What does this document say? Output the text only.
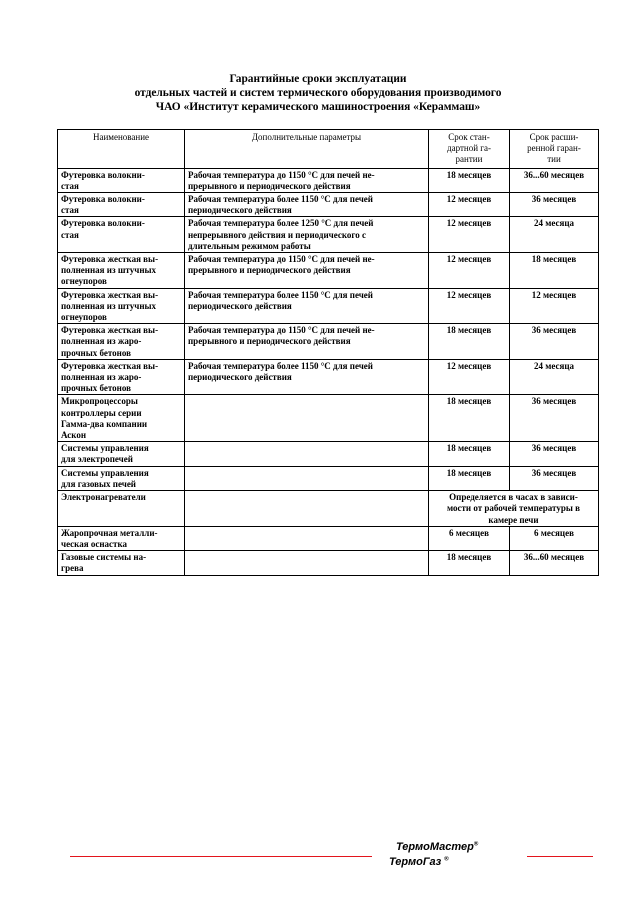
Гарантийные сроки эксплуатации
отдельных частей и систем термического оборудования производимого
ЧАО «Институт керамического машиностроения «Кераммаш»
Наименование	Дополнительные параметры	Срок стан-
дартной га-
рантии	Срок расши-
ренной гаран-
тии
Футеровка волокни-
стая	Рабочая температура до 1150 °С для печей не-
прерывного и периодического действия	18 месяцев	36...60 месяцев
Футеровка волокни-
стая	Рабочая температура более 1150 °С для печей
периодического действия	12 месяцев	36 месяцев
Футеровка волокни-
стая	Рабочая температура более 1250 °С для печей
непрерывного действия и периодического с
длительным режимом работы	12 месяцев	24 месяца
Футеровка жесткая вы-
полненная из штучных
огнеупоров	Рабочая температура до 1150 °С для печей не-
прерывного и периодического действия	12 месяцев	18 месяцев
Футеровка жесткая вы-
полненная из штучных
огнеупоров	Рабочая температура более 1150 °С для печей
периодического действия	12 месяцев	12 месяцев
Футеровка жесткая вы-
полненная из жаро-
прочных бетонов	Рабочая температура до 1150 °С для печей не-
прерывного и периодического действия	18 месяцев	36 месяцев
Футеровка жесткая вы-
полненная из жаро-
прочных бетонов	Рабочая температура более 1150 °С для печей
периодического действия	12 месяцев	24 месяца
Микропроцессоры
контроллеры серии
Гамма-два компании
Аскон		18 месяцев	36 месяцев
Системы управления
для электропечей		18 месяцев	36 месяцев
Системы управления
для газовых печей		18 месяцев	36 месяцев
Электронагреватели		Определяется в часах в зависи-
мости от рабочей температуры в
камере печи	
Жаропрочная металли-
ческая оснастка		6 месяцев	6 месяцев
Газовые системы на-
грева		18 месяцев	36...60 месяцев
ТермоМастер®
ТермоГаз ®
